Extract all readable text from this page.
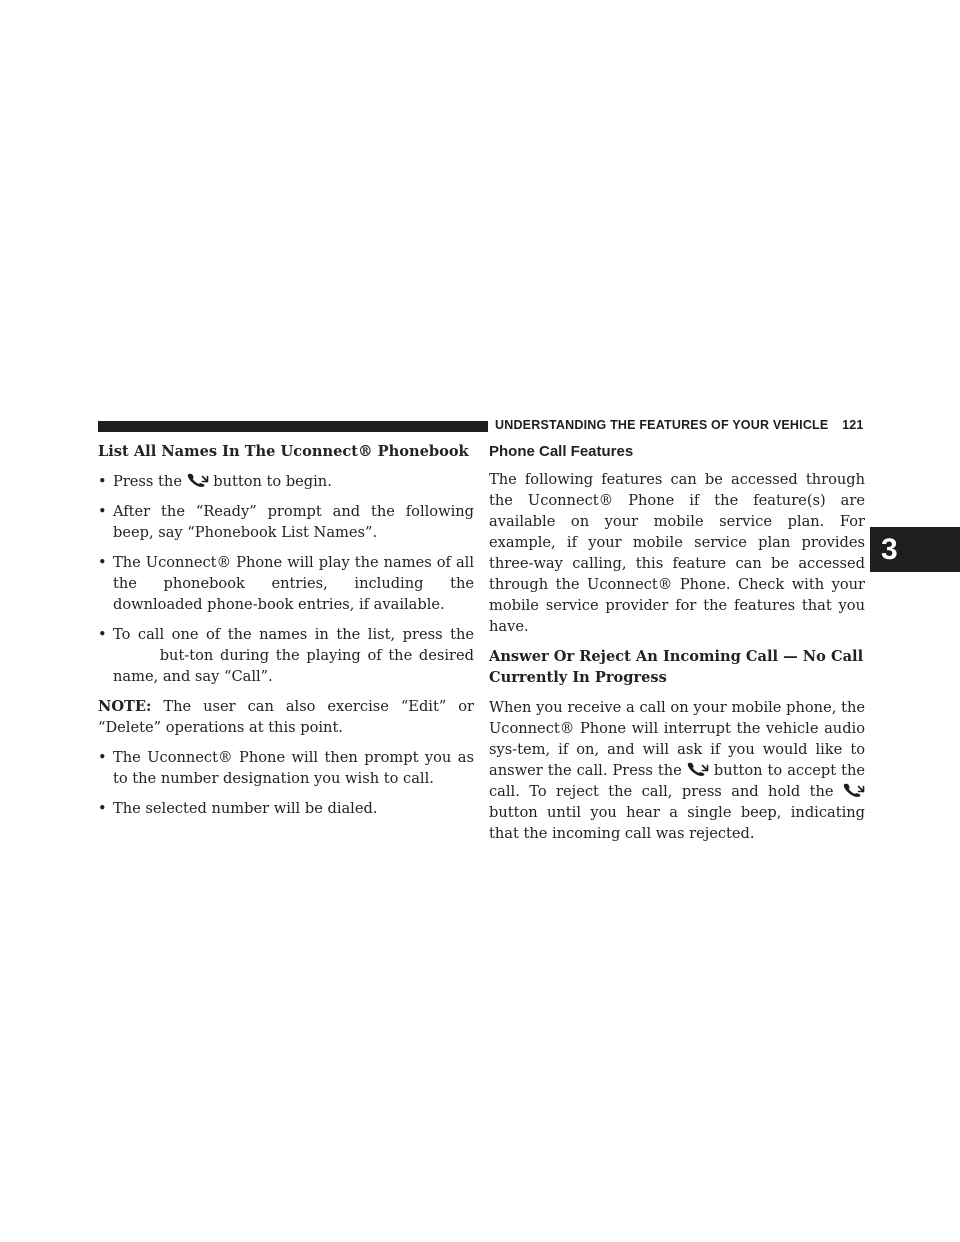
UNDERSTANDING THE FEATURES OF YOUR VEHICLE 121
3
List All Names In The Uconnect® Phonebook
• Press the button to begin.
• After the “Ready” prompt and the following beep, say “Phonebook List Names”.
• The Uconnect® Phone will play the names of all the phonebook entries, including the downloaded phone-book entries, if available.
• To call one of the names in the list, press the  but-ton during the playing of the desired name, and say “Call”.

NOTE: The user can also exercise “Edit” or “Delete” operations at this point.

• The Uconnect® Phone will then prompt you as to the number designation you wish to call.
• The selected number will be dialed.
Phone Call Features

The following features can be accessed through the Uconnect® Phone if the feature(s) are available on your mobile service plan. For example, if your mobile service plan provides three-way calling, this feature can be accessed through the Uconnect® Phone. Check with your mobile service provider for the features that you have.

Answer Or Reject An Incoming Call — No Call Currently In Progress

When you receive a call on your mobile phone, the Uconnect® Phone will interrupt the vehicle audio sys-tem, if on, and will ask if you would like to answer the call. Press the button to accept the call. To reject the call, press and hold the  button until you hear a single beep, indicating that the incoming call was rejected.
